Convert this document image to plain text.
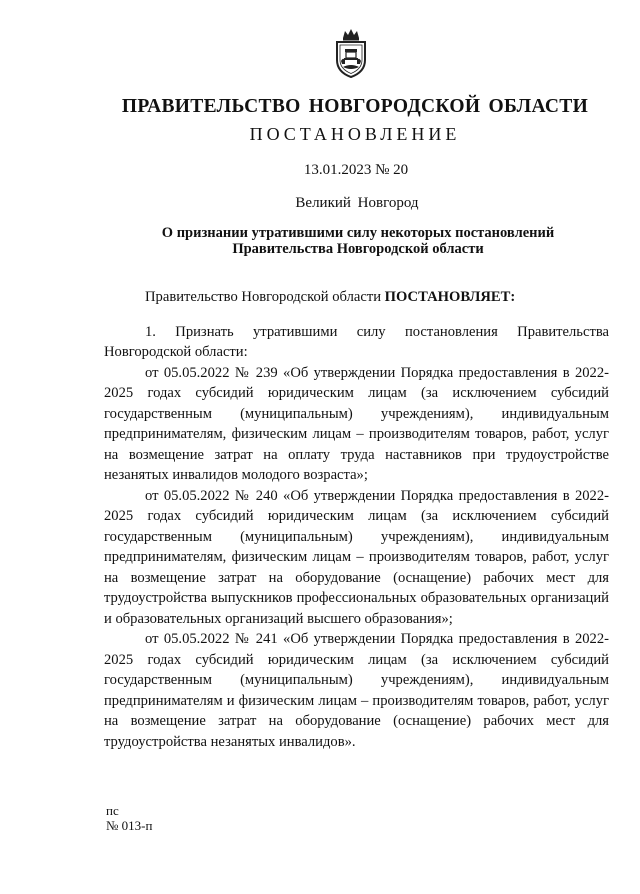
ПРАВИТЕЛЬСТВО НОВГОРОДСКОЙ ОБЛАСТИ
ПОСТАНОВЛЕНИЕ
13.01.2023 № 20
Великий Новгород
О признании утратившими силу некоторых постановлений
Правительства Новгородской области

Правительство Новгородской области ПОСТАНОВЛЯЕТ:

1. Признать утратившими силу постановления Правительства Новгородской области:

от 05.05.2022 № 239 «Об утверждении Порядка предоставления в 2022-2025 годах субсидий юридическим лицам (за исключением субсидий государственным (муниципальным) учреждениям), индивидуальным предпринимателям, физическим лицам – производителям товаров, работ, услуг на возмещение затрат на оплату труда наставников при трудоустройстве незанятых инвалидов молодого возраста»;

от 05.05.2022 № 240 «Об утверждении Порядка предоставления в 2022-2025 годах субсидий юридическим лицам (за исключением субсидий государственным (муниципальным) учреждениям), индивидуальным предпринимателям, физическим лицам – производителям товаров, работ, услуг на возмещение затрат на оборудование (оснащение) рабочих мест для трудоустройства выпускников профессиональных образовательных организаций и образовательных организаций высшего образования»;

от 05.05.2022 № 241 «Об утверждении Порядка предоставления в 2022-2025 годах субсидий юридическим лицам (за исключением субсидий государственным (муниципальным) учреждениям), индивидуальным предпринимателям и физическим лицам – производителям товаров, работ, услуг на возмещение затрат на оборудование (оснащение) рабочих мест для трудоустройства незанятых инвалидов».

пс
№ 013-п
